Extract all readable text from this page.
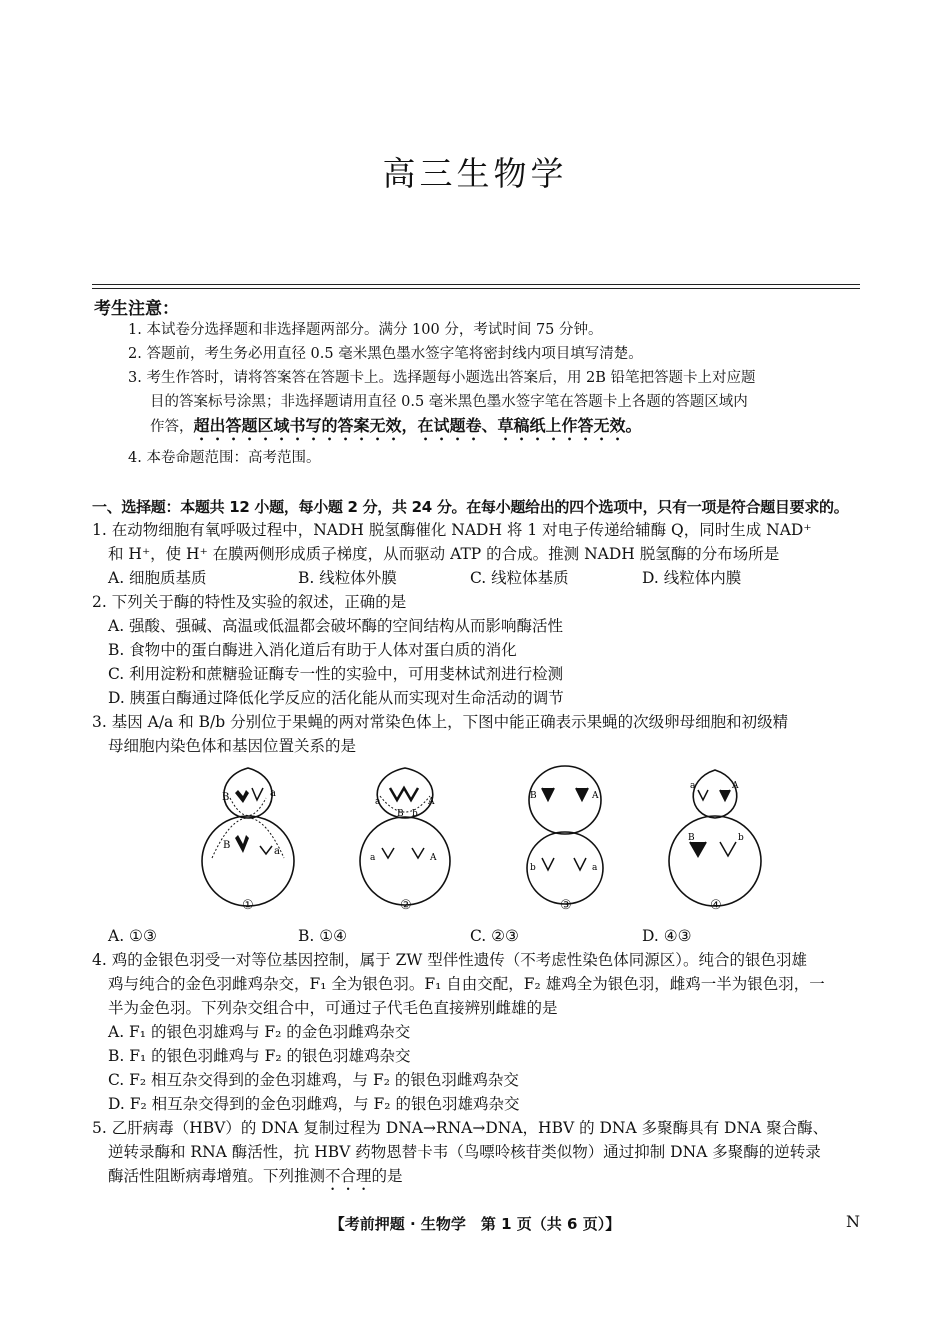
高三生物学
考生注意：
1. 本试卷分选择题和非选择题两部分。满分 100 分，考试时间 75 分钟。
2. 答题前，考生务必用直径 0.5 毫米黑色墨水签字笔将密封线内项目填写清楚。
3. 考生作答时，请将答案答在答题卡上。选择题每小题选出答案后，用 2B 铅笔把答题卡上对应题
目的答案标号涂黑；非选择题请用直径 0.5 毫米黑色墨水签字笔在答题卡上各题的答题区域内
作答，超出答题区域书写的答案无效，在试题卷、草稿纸上作答无效。
4. 本卷命题范围：高考范围。
一、选择题：本题共 12 小题，每小题 2 分，共 24 分。在每小题给出的四个选项中，只有一项是符合题目要求的。
1. 在动物细胞有氧呼吸过程中，NADH 脱氢酶催化 NADH 将 1 对电子传递给辅酶 Q，同时生成 NAD⁺
和 H⁺，使 H⁺ 在膜两侧形成质子梯度，从而驱动 ATP 的合成。推测 NADH 脱氢酶的分布场所是
A. 细胞质基质	B. 线粒体外膜	C. 线粒体基质	D. 线粒体内膜
2. 下列关于酶的特性及实验的叙述，正确的是
A. 强酸、强碱、高温或低温都会破坏酶的空间结构从而影响酶活性
B. 食物中的蛋白酶进入消化道后有助于人体对蛋白质的消化
C. 利用淀粉和蔗糖验证酶专一性的实验中，可用斐林试剂进行检测
D. 胰蛋白酶通过降低化学反应的活化能从而实现对生命活动的调节
3. 基因 A/a 和 B/b 分别位于果蝇的两对常染色体上，下图中能正确表示果蝇的次级卵母细胞和初级精
母细胞内染色体和基因位置关系的是
B	a
B
a
a	A
B b
a	A
B	A
b	a
a	A
B	b
①	②	③	④
A. ①③	B. ①④	C. ②③	D. ④③
4. 鸡的金银色羽受一对等位基因控制，属于 ZW 型伴性遗传（不考虑性染色体同源区）。纯合的银色羽雄
鸡与纯合的金色羽雌鸡杂交，F₁ 全为银色羽。F₁ 自由交配，F₂ 雄鸡全为银色羽，雌鸡一半为银色羽，一
半为金色羽。下列杂交组合中，可通过子代毛色直接辨别雌雄的是
A. F₁ 的银色羽雄鸡与 F₂ 的金色羽雌鸡杂交
B. F₁ 的银色羽雌鸡与 F₂ 的银色羽雄鸡杂交
C. F₂ 相互杂交得到的金色羽雄鸡，与 F₂ 的银色羽雌鸡杂交
D. F₂ 相互杂交得到的金色羽雌鸡，与 F₂ 的银色羽雄鸡杂交
5. 乙肝病毒（HBV）的 DNA 复制过程为 DNA→RNA→DNA，HBV 的 DNA 多聚酶具有 DNA 聚合酶、
逆转录酶和 RNA 酶活性，抗 HBV 药物恩替卡韦（鸟嘌呤核苷类似物）通过抑制 DNA 多聚酶的逆转录
酶活性阻断病毒增殖。下列推测不合理的是
【考前押题 · 生物学　第 1 页（共 6 页）】	N
